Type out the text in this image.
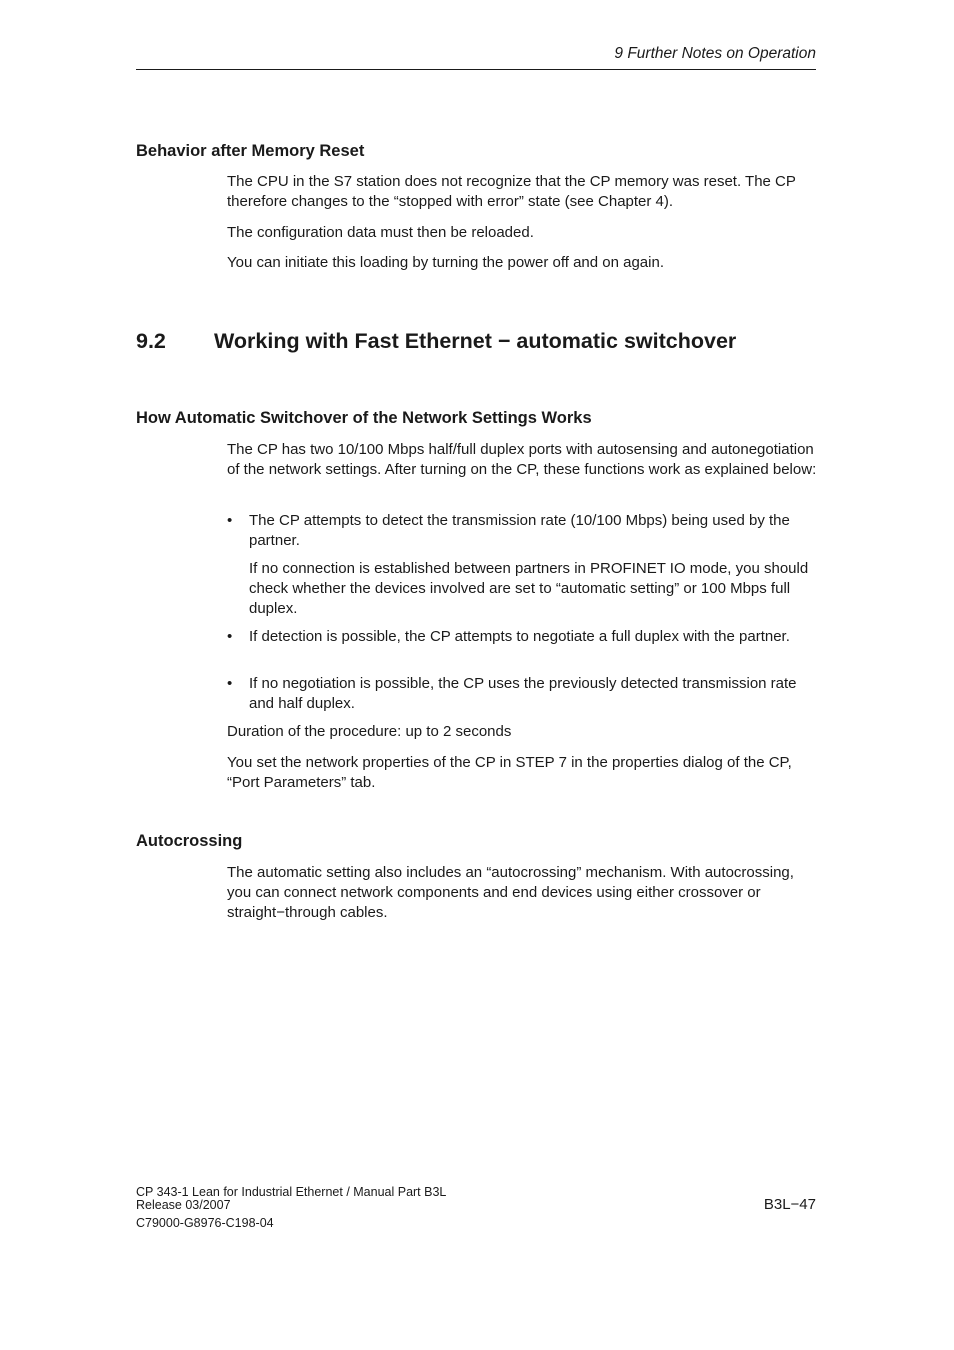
9 Further Notes on Operation
Behavior after Memory Reset

The CPU in the S7 station does not recognize that the CP memory was reset. The CP therefore changes to the “stopped with error” state (see Chapter 4).

The configuration data must then be reloaded.

You can initiate this loading by turning the power off and on again.

9.2 Working with Fast Ethernet − automatic switchover
How Automatic Switchover of the Network Settings Works

The CP has two 10/100 Mbps half/full duplex ports with autosensing and autonegotiation of the network settings. After turning on the CP, these functions work as explained below:

• The CP attempts to detect the transmission rate (10/100 Mbps) being used by the partner.

If no connection is established between partners in PROFINET IO mode, you should check whether the devices involved are set to “automatic setting” or 100 Mbps full duplex.

• If detection is possible, the CP attempts to negotiate a full duplex with the partner.
• If no negotiation is possible, the CP uses the previously detected transmission rate and half duplex.

Duration of the procedure: up to 2 seconds

You set the network properties of the CP in STEP 7 in the properties dialog of the CP, “Port Parameters” tab.

Autocrossing

The automatic setting also includes an “autocrossing” mechanism. With autocrossing, you can connect network components and end devices using either crossover or straight−through cables.

CP 343-1 Lean for Industrial Ethernet / Manual Part B3L
Release 03/2007
C79000-G8976-C198-04
B3L−47
